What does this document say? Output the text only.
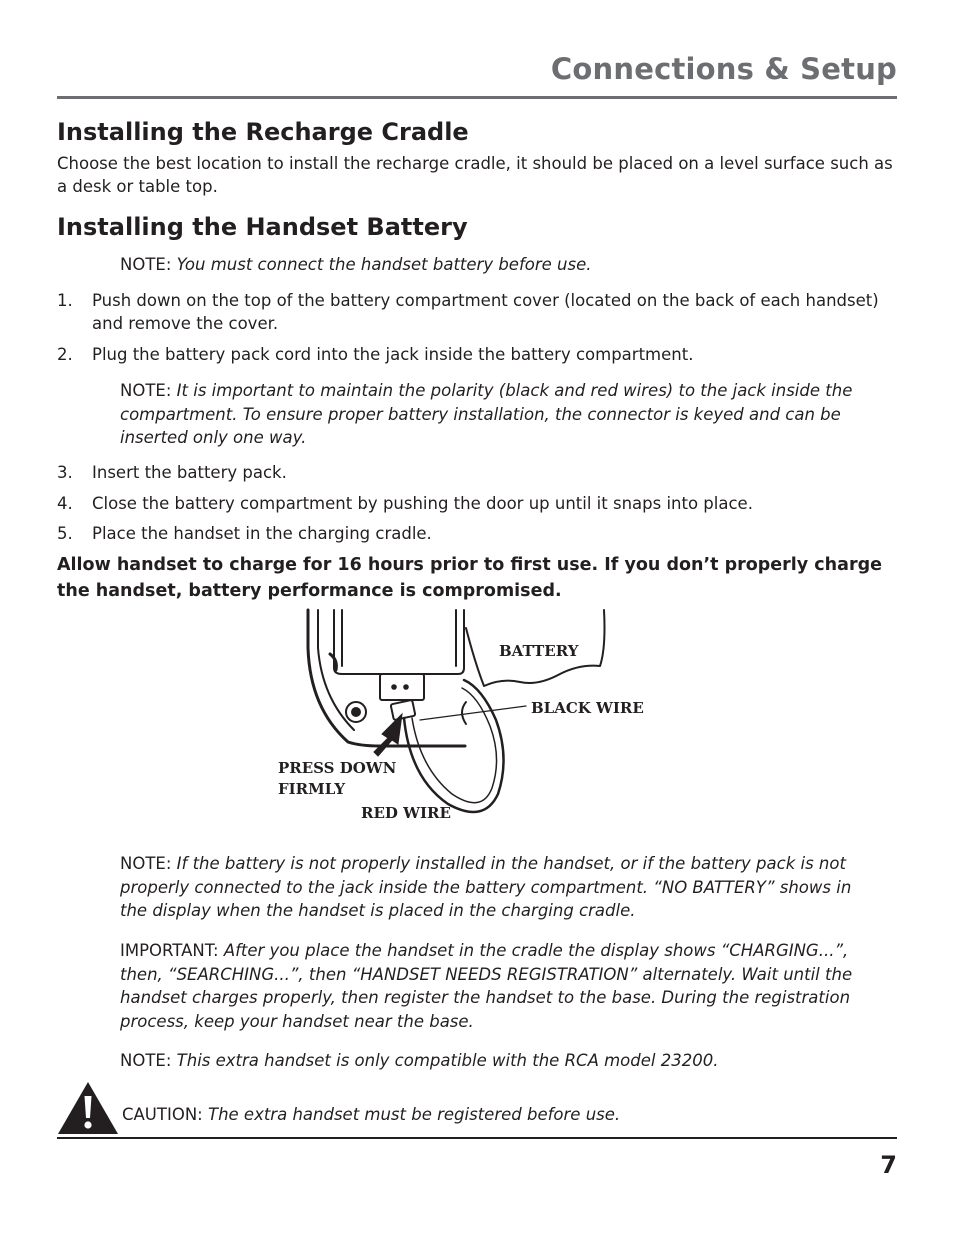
Connections & Setup
Installing the Recharge Cradle
Choose the best location to install the recharge cradle, it should be placed on a level surface such as a desk or table top.
Installing the Handset Battery
NOTE: You must connect the handset battery before use.
1. Push down on the top of the battery compartment cover (located on the back of each handset) and remove the cover.
2. Plug the battery pack cord into the jack inside the battery compartment.
NOTE: It is important to maintain the polarity (black and red wires) to the jack inside the compartment. To ensure proper battery installation, the connector is keyed and can be inserted only one way.
3. Insert the battery pack.
4. Close the battery compartment by pushing the door up until it snaps into place.
5. Place the handset in the charging cradle.
Allow handset to charge for 16 hours prior to first use. If you don’t properly charge the handset, battery performance is compromised.
BATTERY
BLACK WIRE
PRESS DOWN
FIRMLY
RED WIRE
NOTE: If the battery is not properly installed in the handset, or if the battery pack is not properly connected to the jack inside the battery compartment. “NO BATTERY” shows in the display when the handset is placed in the charging cradle.
IMPORTANT: After you place the handset in the cradle the display shows “CHARGING...”, then, “SEARCHING...”, then “HANDSET NEEDS REGISTRATION” alternately. Wait until the handset charges properly, then register the handset to the base. During the registration process, keep your handset near the base.
NOTE: This extra handset is only compatible with the RCA model 23200.
CAUTION: The extra handset must be registered before use.
7
